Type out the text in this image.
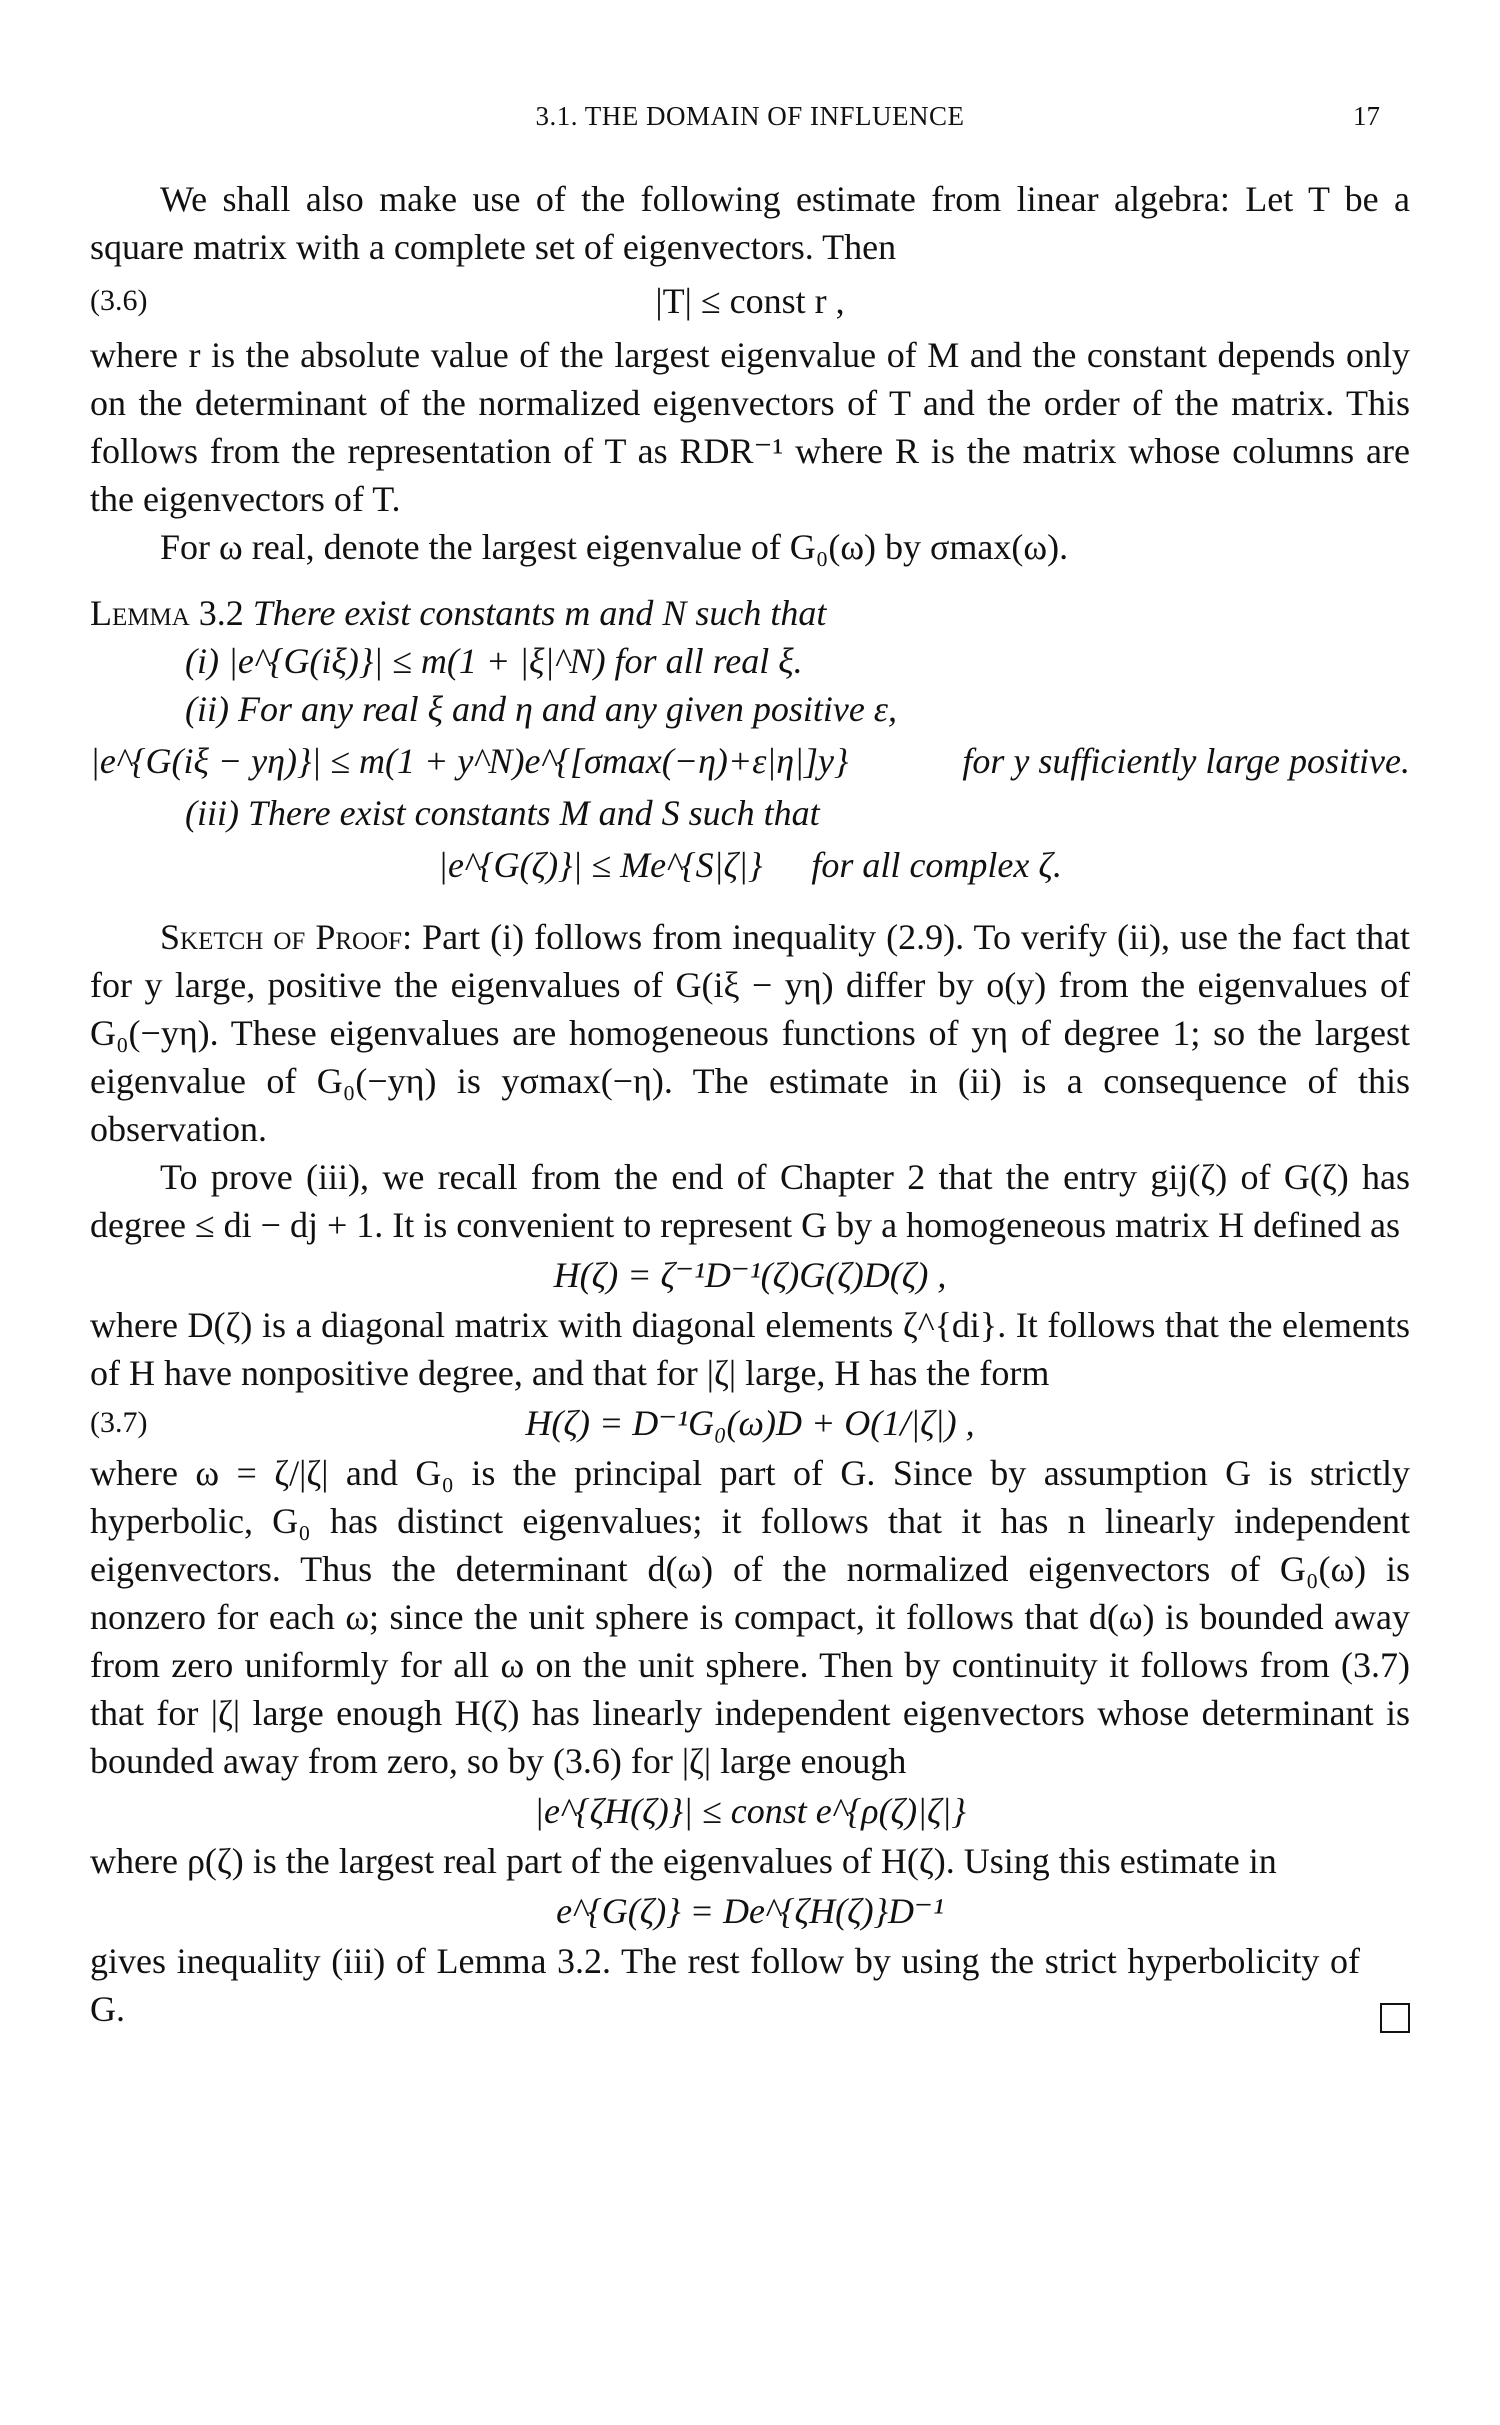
3.1. THE DOMAIN OF INFLUENCE	17

We shall also make use of the following estimate from linear algebra: Let T be a square matrix with a complete set of eigenvectors. Then

(3.6)	|T| ≤ const r ,

where r is the absolute value of the largest eigenvalue of M and the constant depends only on the determinant of the normalized eigenvectors of T and the order of the matrix. This follows from the representation of T as RDR⁻¹ where R is the matrix whose columns are the eigenvectors of T.

For ω real, denote the largest eigenvalue of G₀(ω) by σmax(ω).

Lemma 3.2 There exist constants m and N such that

(i) |e^{G(iξ)}| ≤ m(1 + |ξ|^N) for all real ξ.

(ii) For any real ξ and η and any given positive ε,

|e^{G(iξ − yη)}| ≤ m(1 + y^N)e^{[σmax(−η)+ε|η|]y}	for y sufficiently large positive.

(iii) There exist constants M and S such that

|e^{G(ζ)}| ≤ Me^{S|ζ|} for all complex ζ.

Sketch of Proof: Part (i) follows from inequality (2.9). To verify (ii), use the fact that for y large, positive the eigenvalues of G(iξ − yη) differ by o(y) from the eigenvalues of G₀(−yη). These eigenvalues are homogeneous functions of yη of degree 1; so the largest eigenvalue of G₀(−yη) is yσmax(−η). The estimate in (ii) is a consequence of this observation.

To prove (iii), we recall from the end of Chapter 2 that the entry gij(ζ) of G(ζ) has degree ≤ di − dj + 1. It is convenient to represent G by a homogeneous matrix H defined as

H(ζ) = ζ⁻¹D⁻¹(ζ)G(ζ)D(ζ) ,

where D(ζ) is a diagonal matrix with diagonal elements ζ^{di}. It follows that the elements of H have nonpositive degree, and that for |ζ| large, H has the form

(3.7)	H(ζ) = D⁻¹G₀(ω)D + O(1/|ζ|) ,

where ω = ζ/|ζ| and G₀ is the principal part of G. Since by assumption G is strictly hyperbolic, G₀ has distinct eigenvalues; it follows that it has n linearly independent eigenvectors. Thus the determinant d(ω) of the normalized eigenvectors of G₀(ω) is nonzero for each ω; since the unit sphere is compact, it follows that d(ω) is bounded away from zero uniformly for all ω on the unit sphere. Then by continuity it follows from (3.7) that for |ζ| large enough H(ζ) has linearly independent eigenvectors whose determinant is bounded away from zero, so by (3.6) for |ζ| large enough

|e^{ζH(ζ)}| ≤ const e^{ρ(ζ)|ζ|}

where ρ(ζ) is the largest real part of the eigenvalues of H(ζ). Using this estimate in

e^{G(ζ)} = De^{ζH(ζ)}D⁻¹

gives inequality (iii) of Lemma 3.2. The rest follow by using the strict hyperbolicity of G.
